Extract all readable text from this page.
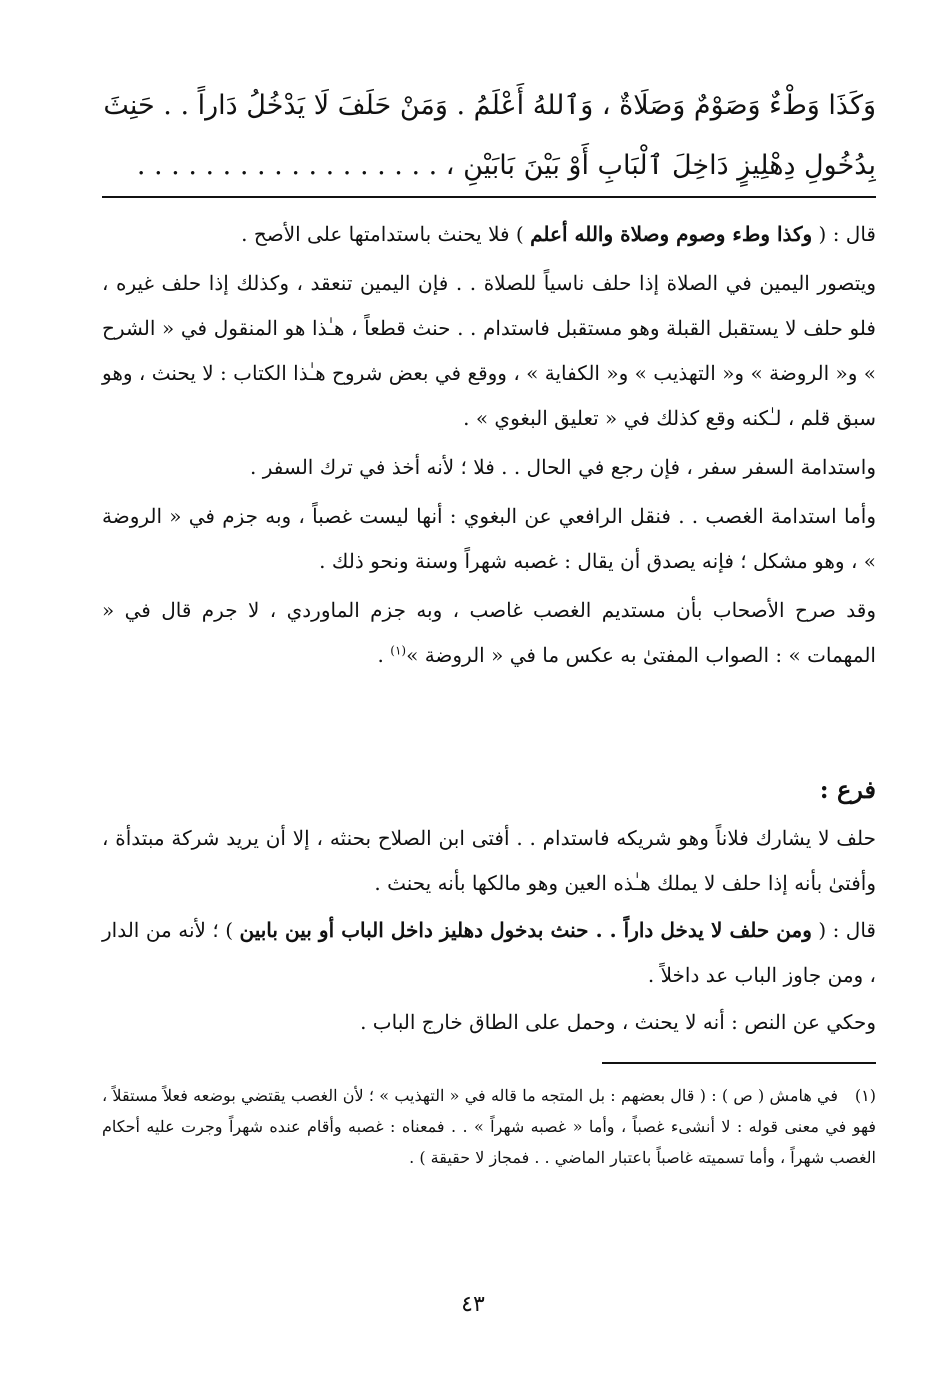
وَكَذَا وَطْءٌ وَصَوْمٌ وَصَلَاةٌ ، وَٱللهُ أَعْلَمُ . وَمَنْ حَلَفَ لَا يَدْخُلُ دَاراً . . حَنِثَ
بِدُخُولِ دِهْلِيزٍ دَاخِلَ ٱلْبَابِ أَوْ بَيْنَ بَابَيْنِ ، . . . . . . . . . . . . . . . . . .

قال : ( وكذا وطء وصوم وصلاة والله أعلم ) فلا يحنث باستدامتها على الأصح .

ويتصور اليمين في الصلاة إذا حلف ناسياً للصلاة . . فإن اليمين تنعقد ، وكذلك إذا حلف غيره ، فلو حلف لا يستقبل القبلة وهو مستقبل فاستدام . . حنث قطعاً ، هـٰذا هو المنقول في « الشرح » و« الروضة » و« التهذيب » و« الكفاية » ، ووقع في بعض شروح هـٰذا الكتاب : لا يحنث ، وهو سبق قلم ، لـٰكنه وقع كذلك في « تعليق البغوي » .

واستدامة السفر سفر ، فإن رجع في الحال . . فلا ؛ لأنه أخذ في ترك السفر .

وأما استدامة الغصب . . فنقل الرافعي عن البغوي : أنها ليست غصباً ، وبه جزم في « الروضة » ، وهو مشكل ؛ فإنه يصدق أن يقال : غصبه شهراً وسنة ونحو ذلك .

وقد صرح الأصحاب بأن مستديم الغصب غاصب ، وبه جزم الماوردي ، لا جرم قال في « المهمات » : الصواب المفتىٰ به عكس ما في « الروضة »$^{(١)}$ .

فرع :

حلف لا يشارك فلاناً وهو شريكه فاستدام . . أفتى ابن الصلاح بحنثه ، إلا أن يريد شركة مبتدأة ، وأفتىٰ بأنه إذا حلف لا يملك هـٰذه العين وهو مالكها بأنه يحنث .

قال : ( ومن حلف لا يدخل داراً . . حنث بدخول دهليز داخل الباب أو بين بابين ) ؛ لأنه من الدار ، ومن جاوز الباب عد داخلاً .

وحكي عن النص : أنه لا يحنث ، وحمل على الطاق خارج الباب .

(١)في هامش ( ص ) : ( قال بعضهم : بل المتجه ما قاله في « التهذيب » ؛ لأن الغصب يقتضي بوضعه فعلاً مستقلاً ، فهو في معنى قوله : لا أنشىء غصباً ، وأما « غصبه شهراً » . . فمعناه : غصبه وأقام عنده شهراً وجرت عليه أحكام الغصب شهراً ، وأما تسميته غاصباً باعتبار الماضي . . فمجاز لا حقيقة ) .
٤٣
